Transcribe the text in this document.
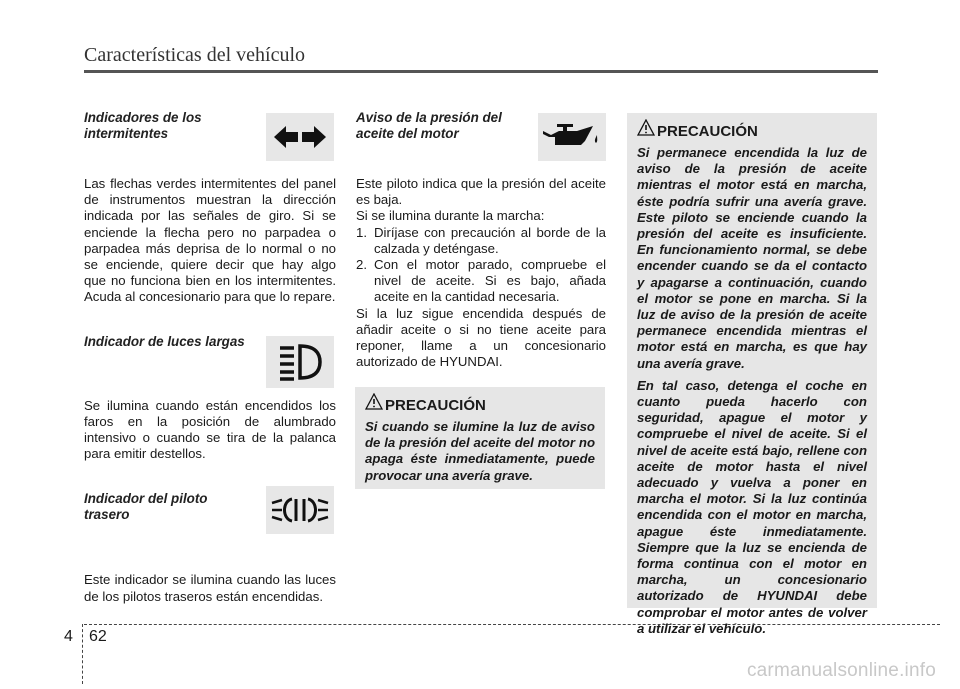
Características del vehículo

Indicadores de los intermitentes

Las flechas verdes intermitentes del panel de instrumentos muestran la dirección indicada por las señales de giro. Si se enciende la flecha pero no parpadea o parpadea más deprisa de lo normal o no se enciende, quiere decir que hay algo que no funciona bien en los intermitentes. Acuda al concesionario para que lo repare.

Indicador de luces largas

Se ilumina cuando están encendidos los faros en la posición de alumbrado intensivo o cuando se tira de la palanca para emitir destellos.

Indicador del piloto trasero

Este indicador se ilumina cuando las luces de los pilotos traseros están encendidas.

Aviso de la presión del aceite del motor

Este piloto indica que la presión del aceite es baja.

Si se ilumina durante la marcha:

1. Diríjase con precaución al borde de la calzada y deténgase.
2. Con el motor parado, compruebe el nivel de aceite. Si es bajo, añada aceite en la cantidad necesaria.

Si la luz sigue encendida después de añadir aceite o si no tiene aceite para reponer, llame a un concesionario autorizado de HYUNDAI.

PRECAUCIÓN

Si cuando se ilumine la luz de aviso de la presión del aceite del motor no apaga éste inmediatamente, puede provocar una avería grave.

PRECAUCIÓN

Si permanece encendida la luz de aviso de la presión de aceite mientras el motor está en marcha, éste podría sufrir una avería grave. Este piloto se enciende cuando la presión del aceite es insuficiente. En funcionamiento normal, se debe encender cuando se da el contacto y apagarse a continuación, cuando el motor se pone en marcha. Si la luz de aviso de la presión de aceite permanece encendida mientras el motor está en marcha, es que hay una avería grave.

En tal caso, detenga el coche en cuanto pueda hacerlo con seguridad, apague el motor y compruebe el nivel de aceite. Si el nivel de aceite está bajo, rellene con aceite de motor hasta el nivel adecuado y vuelva a poner en marcha el motor. Si la luz continúa encendida con el motor en marcha, apague éste inmediatamente. Siempre que la luz se encienda de forma continua con el motor en marcha, un concesionario autorizado de HYUNDAI debe comprobar el motor antes de volver a utilizar el vehículo.

4 62
carmanualsonline.info
